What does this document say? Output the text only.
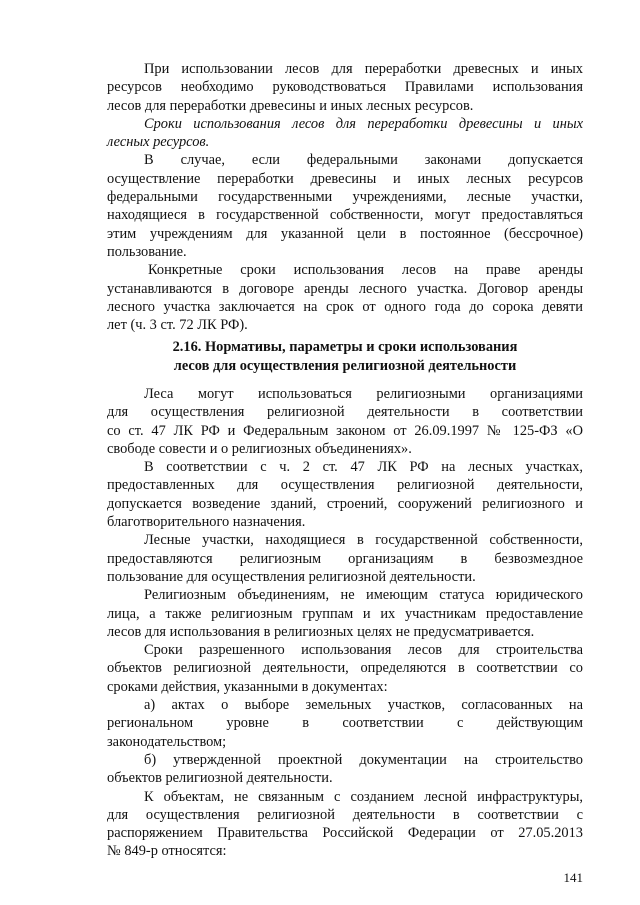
При использовании лесов для переработки древесных и иных
ресурсов необходимо руководствоваться Правилами использования
лесов для переработки древесины и иных лесных ресурсов.
Сроки использования лесов для переработки древесины и иных
лесных ресурсов.
В случае, если федеральными законами допускается
осуществление переработки древесины и иных лесных ресурсов
федеральными государственными учреждениями, лесные участки,
находящиеся в государственной собственности, могут предоставляться
этим учреждениям для указанной цели в постоянное (бессрочное)
пользование.
Конкретные сроки использования лесов на праве аренды
устанавливаются в договоре аренды лесного участка. Договор аренды
лесного участка заключается на срок от одного года до сорока девяти
лет (ч. 3 ст. 72 ЛК РФ).
2.16. Нормативы, параметры и сроки использования
лесов для осуществления религиозной деятельности
Леса могут использоваться религиозными организациями
для осуществления религиозной деятельности в соответствии
со ст. 47 ЛК РФ и Федеральным законом от 26.09.1997 № 125-ФЗ «О
свободе совести и о религиозных объединениях».
В соответствии с ч. 2 ст. 47 ЛК РФ на лесных участках,
предоставленных для осуществления религиозной деятельности,
допускается возведение зданий, строений, сооружений религиозного и
благотворительного назначения.
Лесные участки, находящиеся в государственной собственности,
предоставляются религиозным организациям в безвозмездное
пользование для осуществления религиозной деятельности.
Религиозным объединениям, не имеющим статуса юридического
лица, а также религиозным группам и их участникам предоставление
лесов для использования в религиозных целях не предусматривается.
Сроки разрешенного использования лесов для строительства
объектов религиозной деятельности, определяются в соответствии со
сроками действия, указанными в документах:
а) актах о выборе земельных участков, согласованных на
региональном уровне в соответствии с действующим
законодательством;
б) утвержденной проектной документации на строительство
объектов религиозной деятельности.
К объектам, не связанным с созданием лесной инфраструктуры,
для осуществления религиозной деятельности в соответствии с
распоряжением Правительства Российской Федерации от 27.05.2013
№ 849-р относятся:
141
